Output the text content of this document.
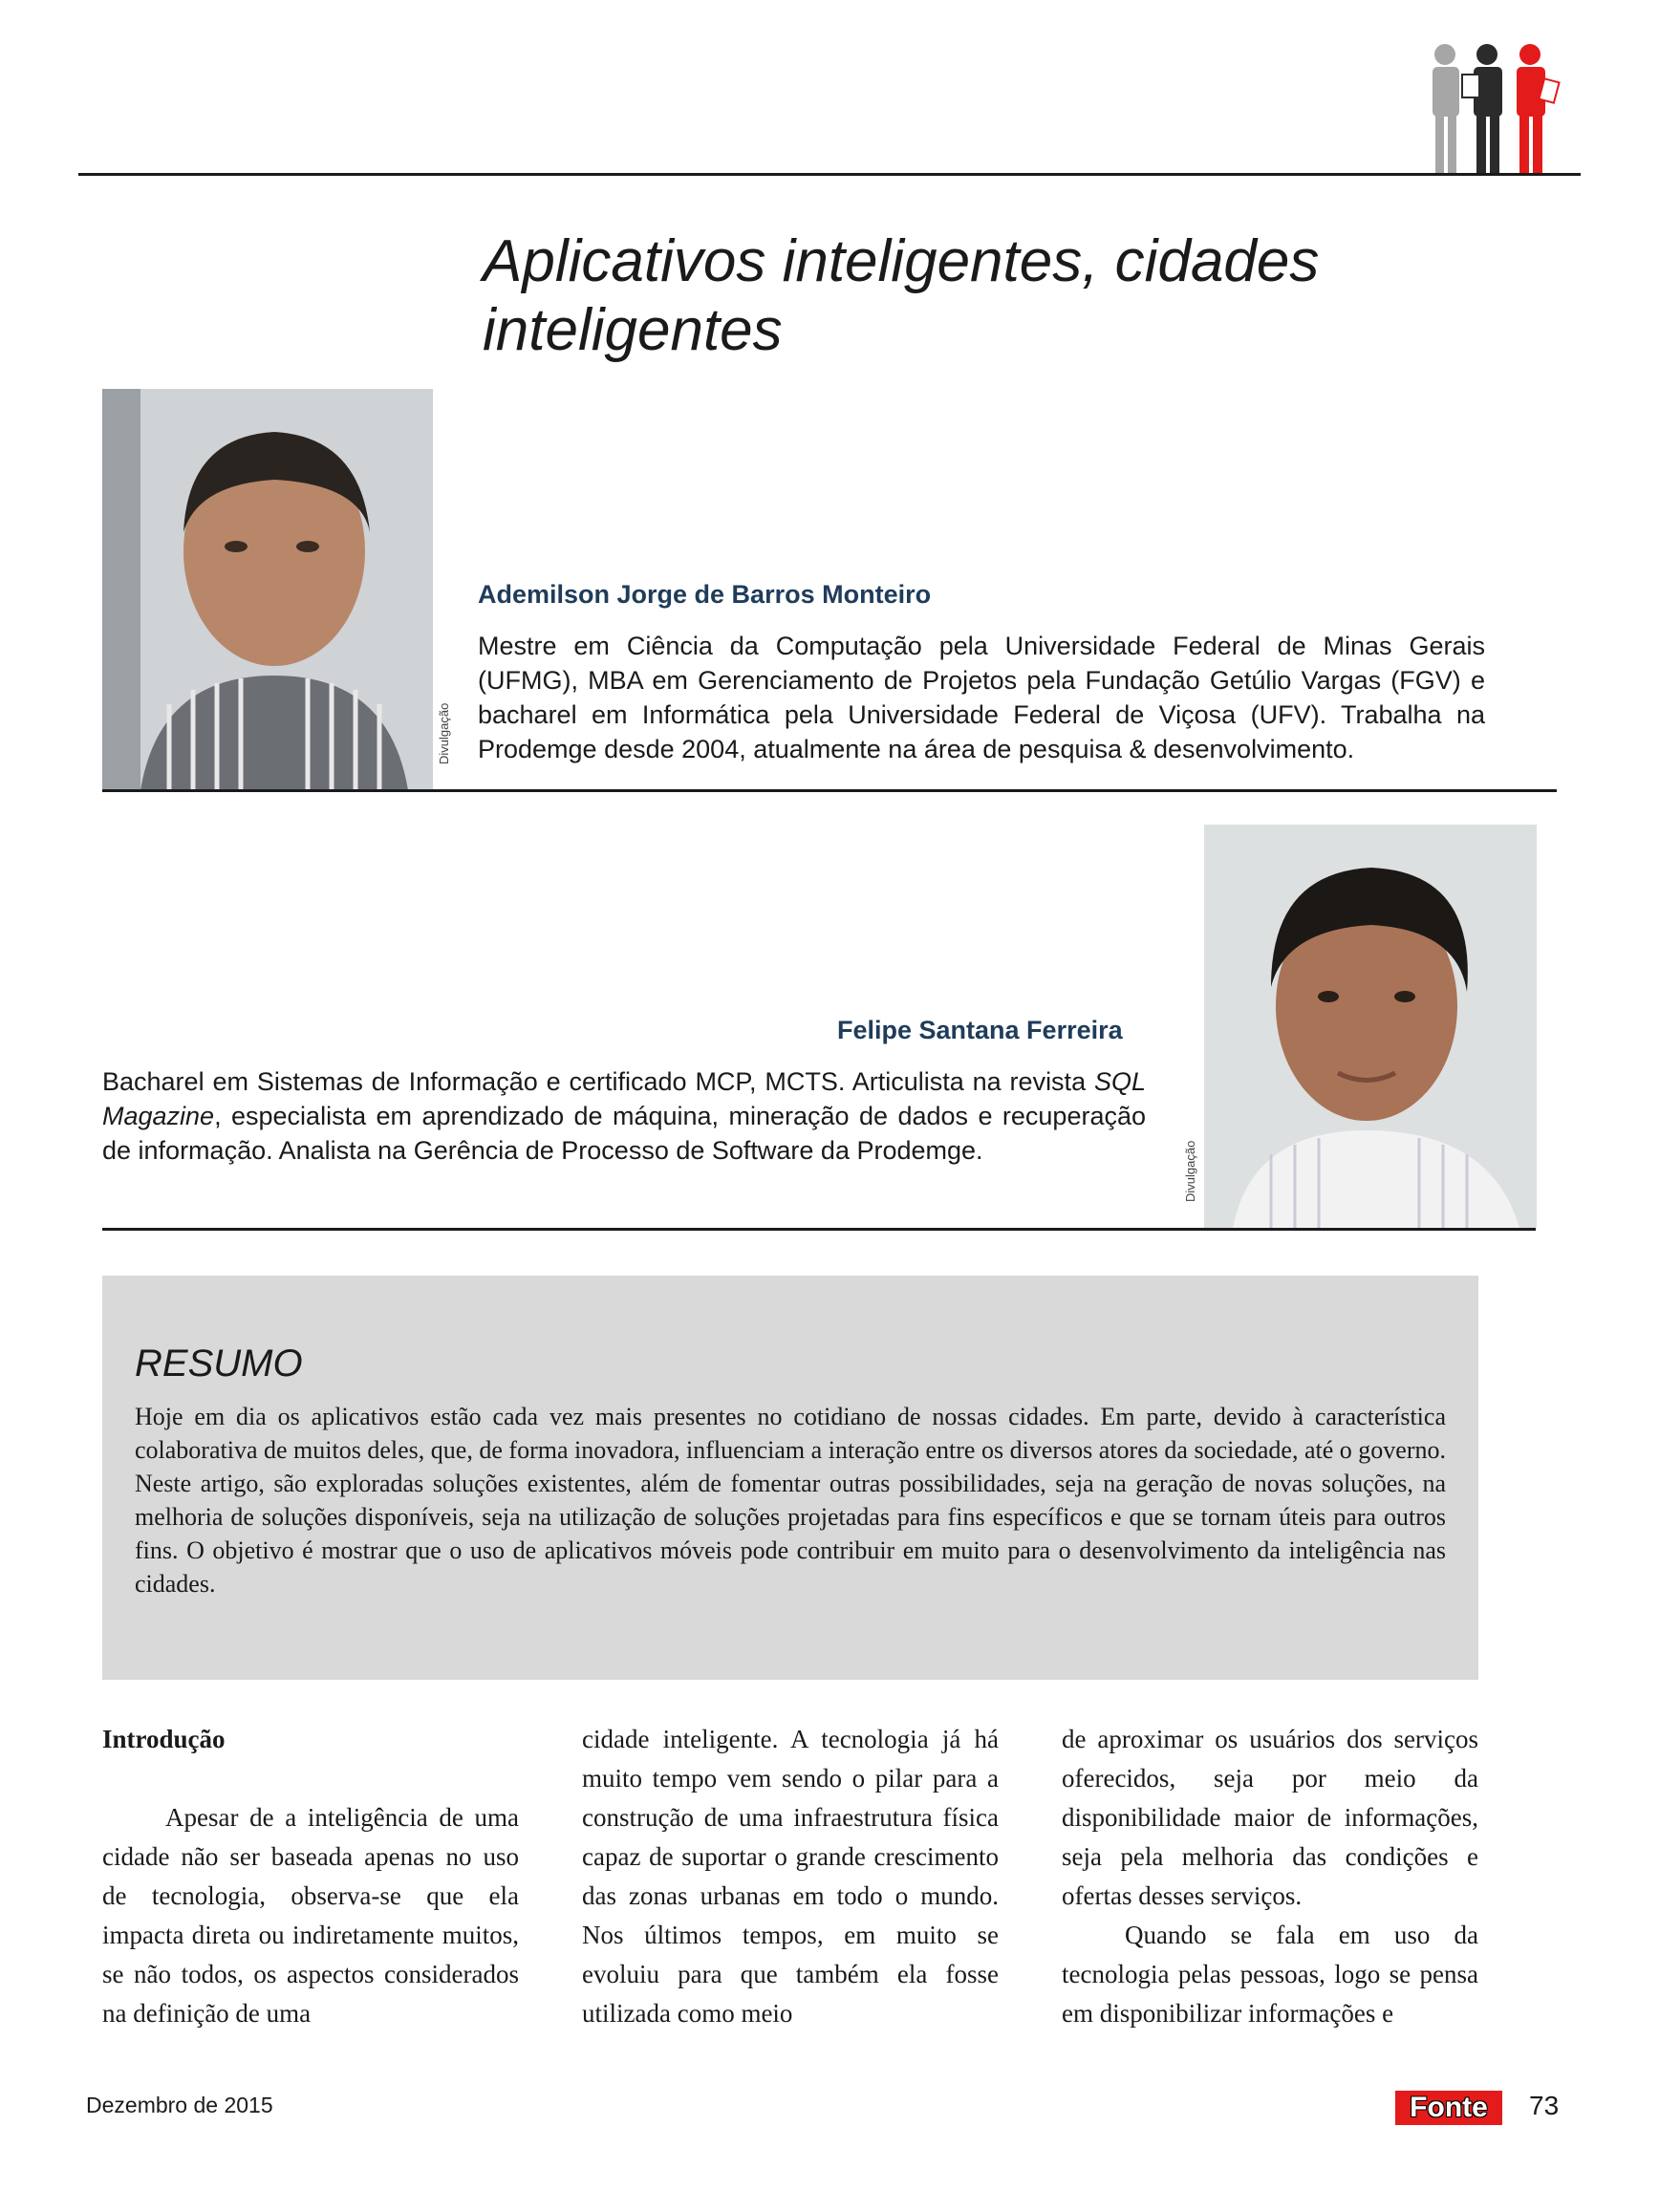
Aplicativos inteligentes, cidades
inteligentes
Divulgação

Ademilson Jorge de Barros Monteiro

Mestre em Ciência da Computação pela Universidade Federal de Minas Gerais (UFMG), MBA em Gerenciamento de Projetos pela Fundação Getúlio Vargas (FGV) e bacharel em Informática pela Universidade Federal de Viçosa (UFV). Trabalha na Prodemge desde 2004, atualmente na área de pesquisa & desenvolvimento.

Divulgação

Felipe Santana Ferreira

Bacharel em Sistemas de Informação e certificado MCP, MCTS. Articulista na revista SQL Magazine, especialista em aprendizado de máquina, mineração de dados e recuperação de informação. Analista na Gerência de Processo de Software da Prodemge.

RESUMO

Hoje em dia os aplicativos estão cada vez mais presentes no cotidiano de nossas cidades. Em parte, devido à característica colaborativa de muitos deles, que, de forma inovadora, influenciam a interação entre os diversos atores da sociedade, até o governo. Neste artigo, são exploradas soluções existentes, além de fomentar outras possibilidades, seja na geração de novas soluções, na melhoria de soluções disponíveis, seja na utilização de soluções projetadas para fins específicos e que se tornam úteis para outros fins. O objetivo é mostrar que o uso de aplicativos móveis pode contribuir em muito para o desenvolvimento da inteligência nas cidades.

Introdução

Apesar de a inteligência de uma cidade não ser baseada apenas no uso de tecnologia, observa-se que ela impacta direta ou indiretamente muitos, se não todos, os aspectos considerados na definição de uma

cidade inteligente. A tecnologia já há muito tempo vem sendo o pilar para a construção de uma infraestrutura física capaz de suportar o grande crescimento das zonas urbanas em todo o mundo. Nos últimos tempos, em muito se evoluiu para que também ela fosse utilizada como meio

de aproximar os usuários dos serviços oferecidos, seja por meio da disponibilidade maior de informações, seja pela melhoria das condições e ofertas desses serviços.

Quando se fala em uso da tecnologia pelas pessoas, logo se pensa em disponibilizar informações e

Dezembro de 2015	Fonte	73
